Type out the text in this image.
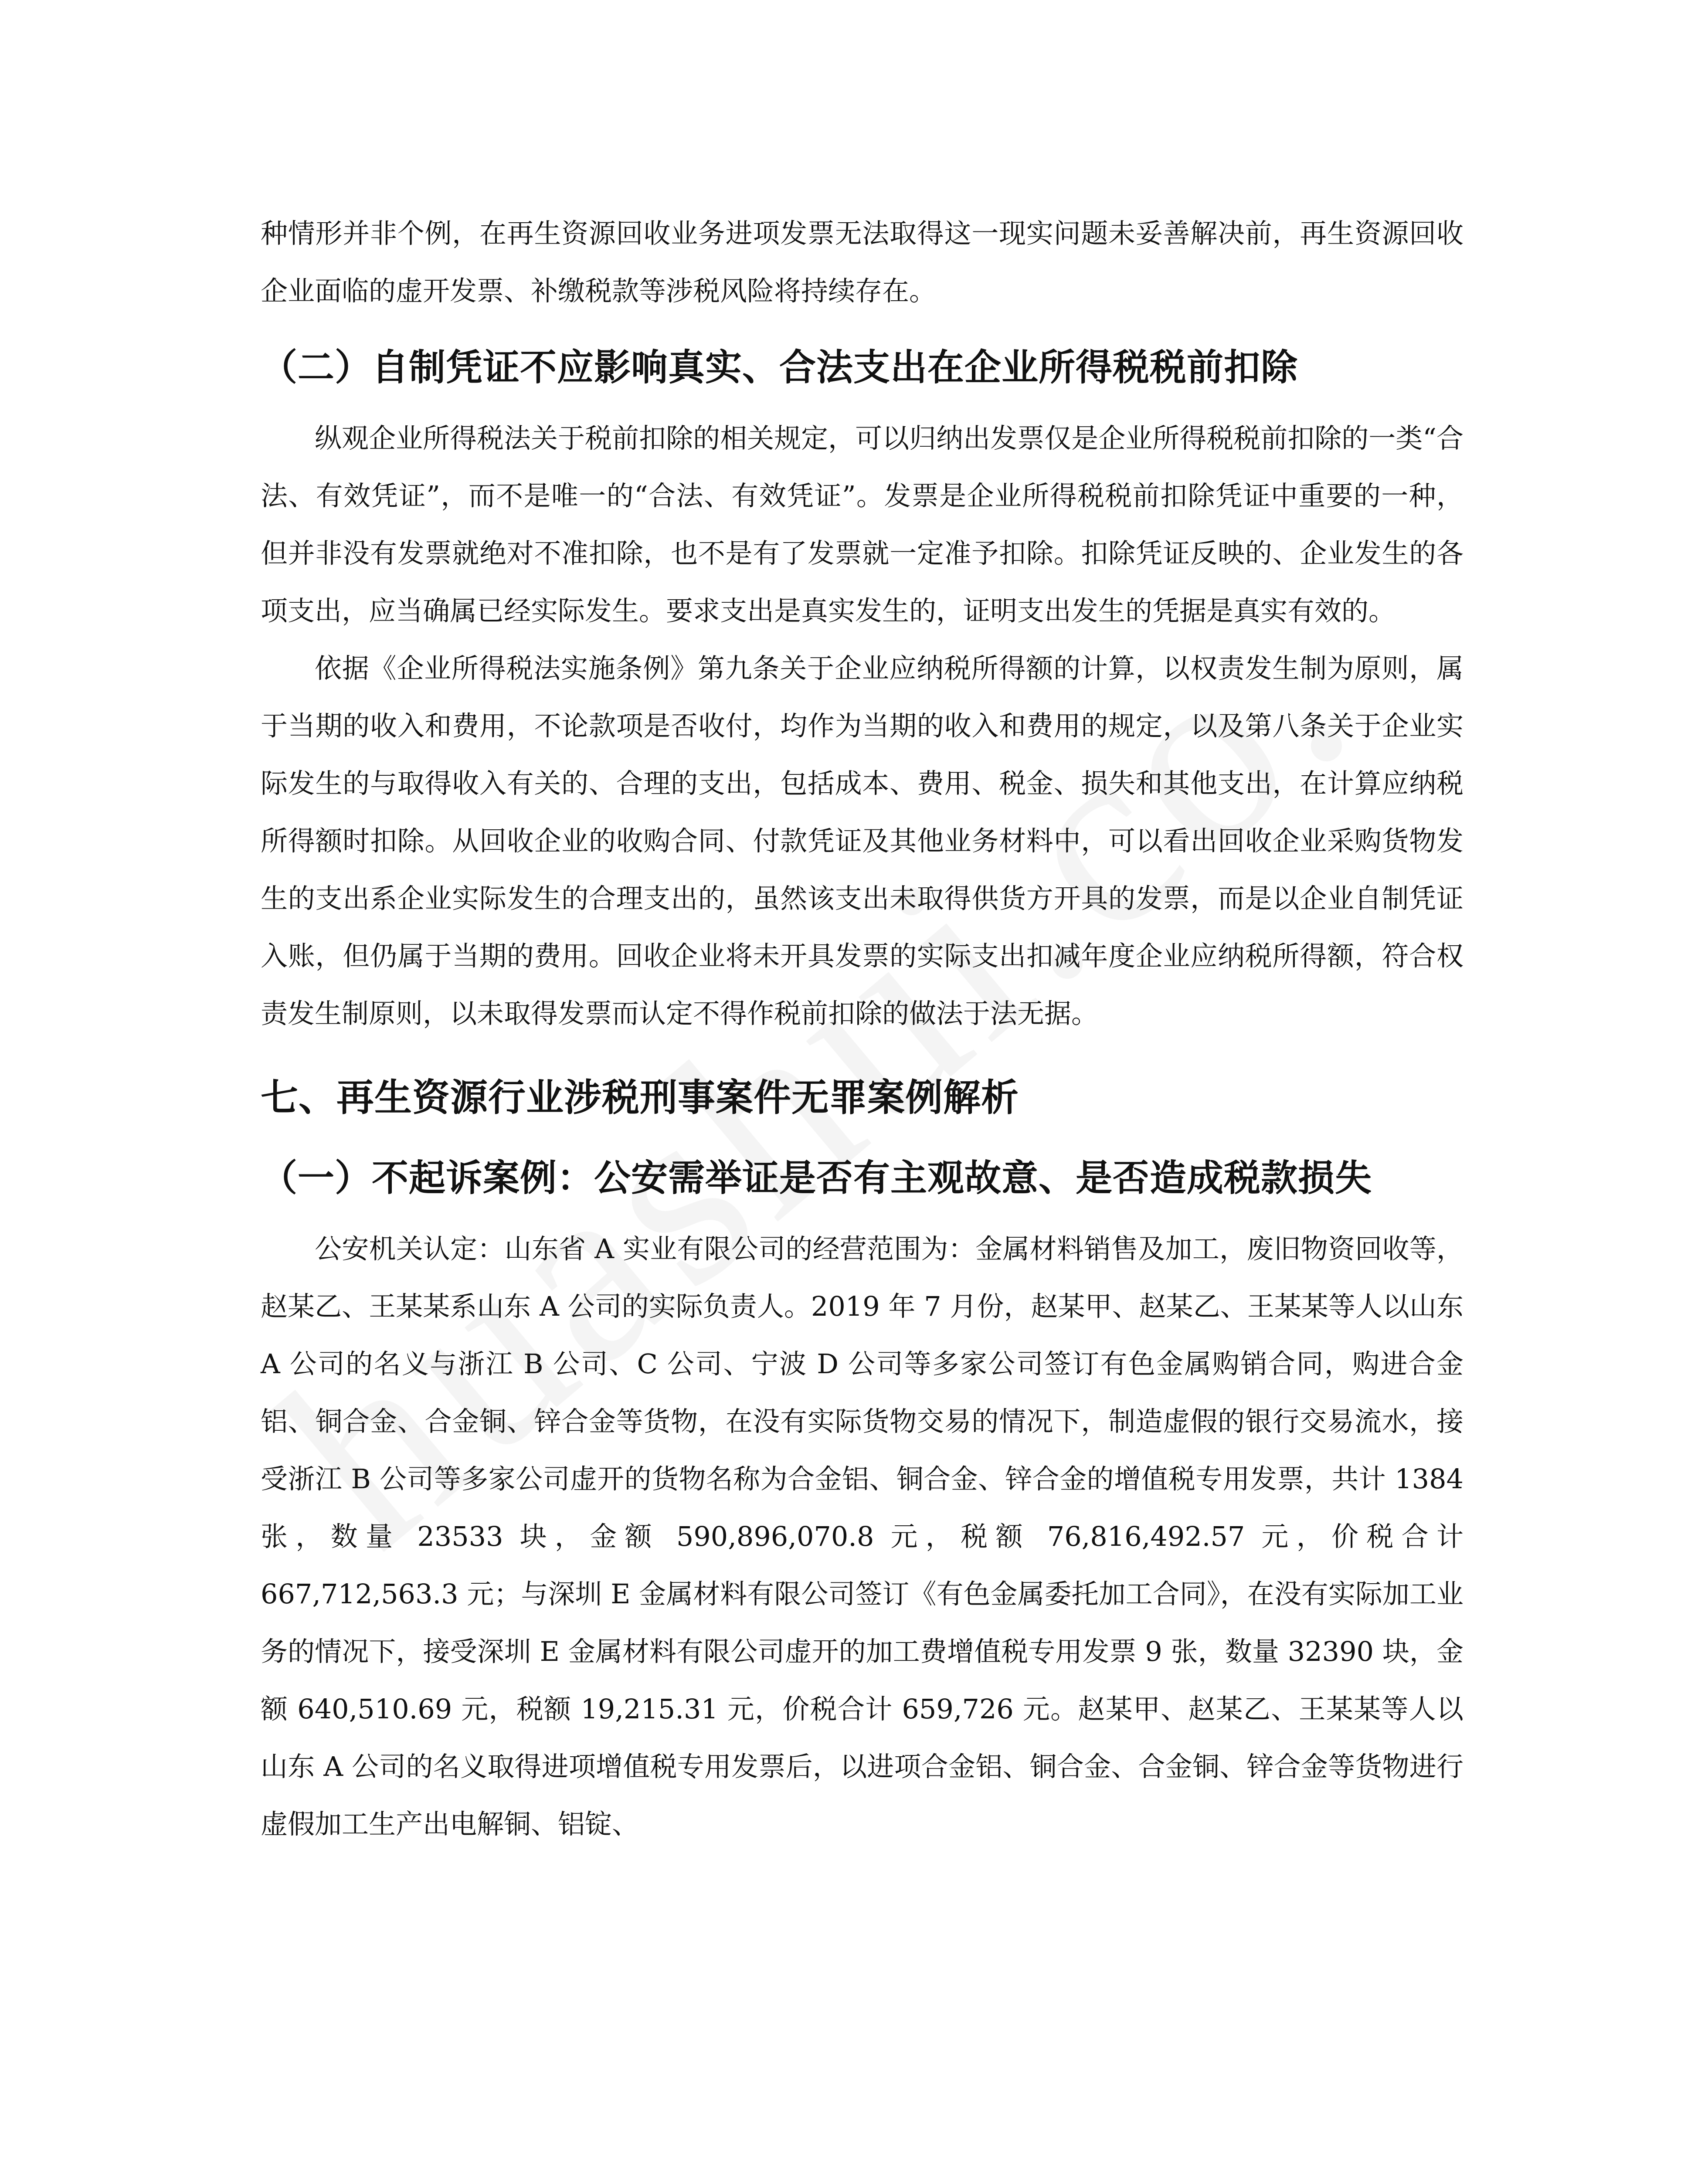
种情形并非个例，在再生资源回收业务进项发票无法取得这一现实问题未妥善解决前，再生资源回收企业面临的虚开发票、补缴税款等涉税风险将持续存在。

（二）自制凭证不应影响真实、合法支出在企业所得税税前扣除

纵观企业所得税法关于税前扣除的相关规定，可以归纳出发票仅是企业所得税税前扣除的一类“合法、有效凭证”，而不是唯一的“合法、有效凭证”。发票是企业所得税税前扣除凭证中重要的一种，但并非没有发票就绝对不准扣除，也不是有了发票就一定准予扣除。扣除凭证反映的、企业发生的各项支出，应当确属已经实际发生。要求支出是真实发生的，证明支出发生的凭据是真实有效的。

依据《企业所得税法实施条例》第九条关于企业应纳税所得额的计算，以权责发生制为原则，属于当期的收入和费用，不论款项是否收付，均作为当期的收入和费用的规定，以及第八条关于企业实际发生的与取得收入有关的、合理的支出，包括成本、费用、税金、损失和其他支出，在计算应纳税所得额时扣除。从回收企业的收购合同、付款凭证及其他业务材料中，可以看出回收企业采购货物发生的支出系企业实际发生的合理支出的，虽然该支出未取得供货方开具的发票，而是以企业自制凭证入账，但仍属于当期的费用。回收企业将未开具发票的实际支出扣减年度企业应纳税所得额，符合权责发生制原则，以未取得发票而认定不得作税前扣除的做法于法无据。

七、再生资源行业涉税刑事案件无罪案例解析
（一）不起诉案例：公安需举证是否有主观故意、是否造成税款损失

公安机关认定：山东省 A 实业有限公司的经营范围为：金属材料销售及加工，废旧物资回收等，赵某乙、王某某系山东 A 公司的实际负责人。2019 年 7 月份，赵某甲、赵某乙、王某某等人以山东 A 公司的名义与浙江 B 公司、C 公司、宁波 D 公司等多家公司签订有色金属购销合同，购进合金铝、铜合金、合金铜、锌合金等货物，在没有实际货物交易的情况下，制造虚假的银行交易流水，接受浙江 B 公司等多家公司虚开的货物名称为合金铝、铜合金、锌合金的增值税专用发票，共计 1384 张，数量 23533 块，金额 590,896,070.8 元，税额 76,816,492.57 元，价税合计 667,712,563.3 元；与深圳 E 金属材料有限公司签订《有色金属委托加工合同》，在没有实际加工业务的情况下，接受深圳 E 金属材料有限公司虚开的加工费增值税专用发票 9 张，数量 32390 块，金额 640,510.69 元，税额 19,215.31 元，价税合计 659,726 元。赵某甲、赵某乙、王某某等人以山东 A 公司的名义取得进项增值税专用发票后，以进项合金铝、铜合金、合金铜、锌合金等货物进行虚假加工生产出电解铜、铝锭、
